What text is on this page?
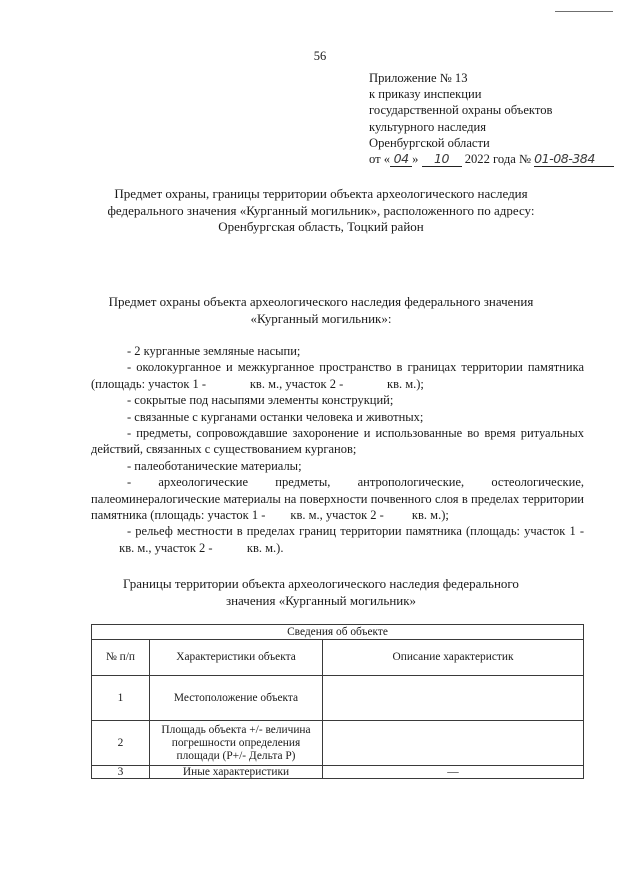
56
Приложение № 13
к приказу инспекции
государственной охраны объектов
культурного наследия
Оренбургской области
от « 04 » 10 2022 года № 01-08-384
Предмет охраны, границы территории объекта археологического наследия
федерального значения «Курганный могильник», расположенного по адресу:
Оренбургская область, Тоцкий район
Предмет охраны объекта археологического наследия федерального значения
«Курганный могильник»:

- 2 курганные земляные насыпи;

- околокурганное и межкурганное пространство в границах территории памятника (площадь: участок 1 -              кв. м., участок 2 -              кв. м.);

- сокрытые под насыпями элементы конструкций;

- связанные с курганами останки человека и животных;

- предметы, сопровождавшие захоронение и использованные во время ритуальных действий, связанных с существованием курганов;

- палеоботанические материалы;

- археологические предметы, антропологические, остеологические, палеоминералогические материалы на поверхности почвенного слоя в пределах территории памятника (площадь: участок 1 -        кв. м., участок 2 -         кв. м.);

- рельеф местности в пределах границ территории памятника (площадь: участок 1 -          кв. м., участок 2 -           кв. м.).

Границы территории объекта археологического наследия федерального
значения «Курганный могильник»
Сведения об объекте		
№ п/п	Характеристики объекта	Описание характеристик
1	Местоположение объекта	
2	Площадь объекта +/- величина погрешности определения площади (Р+/- Дельта Р)	
3	Иные характеристики	—
